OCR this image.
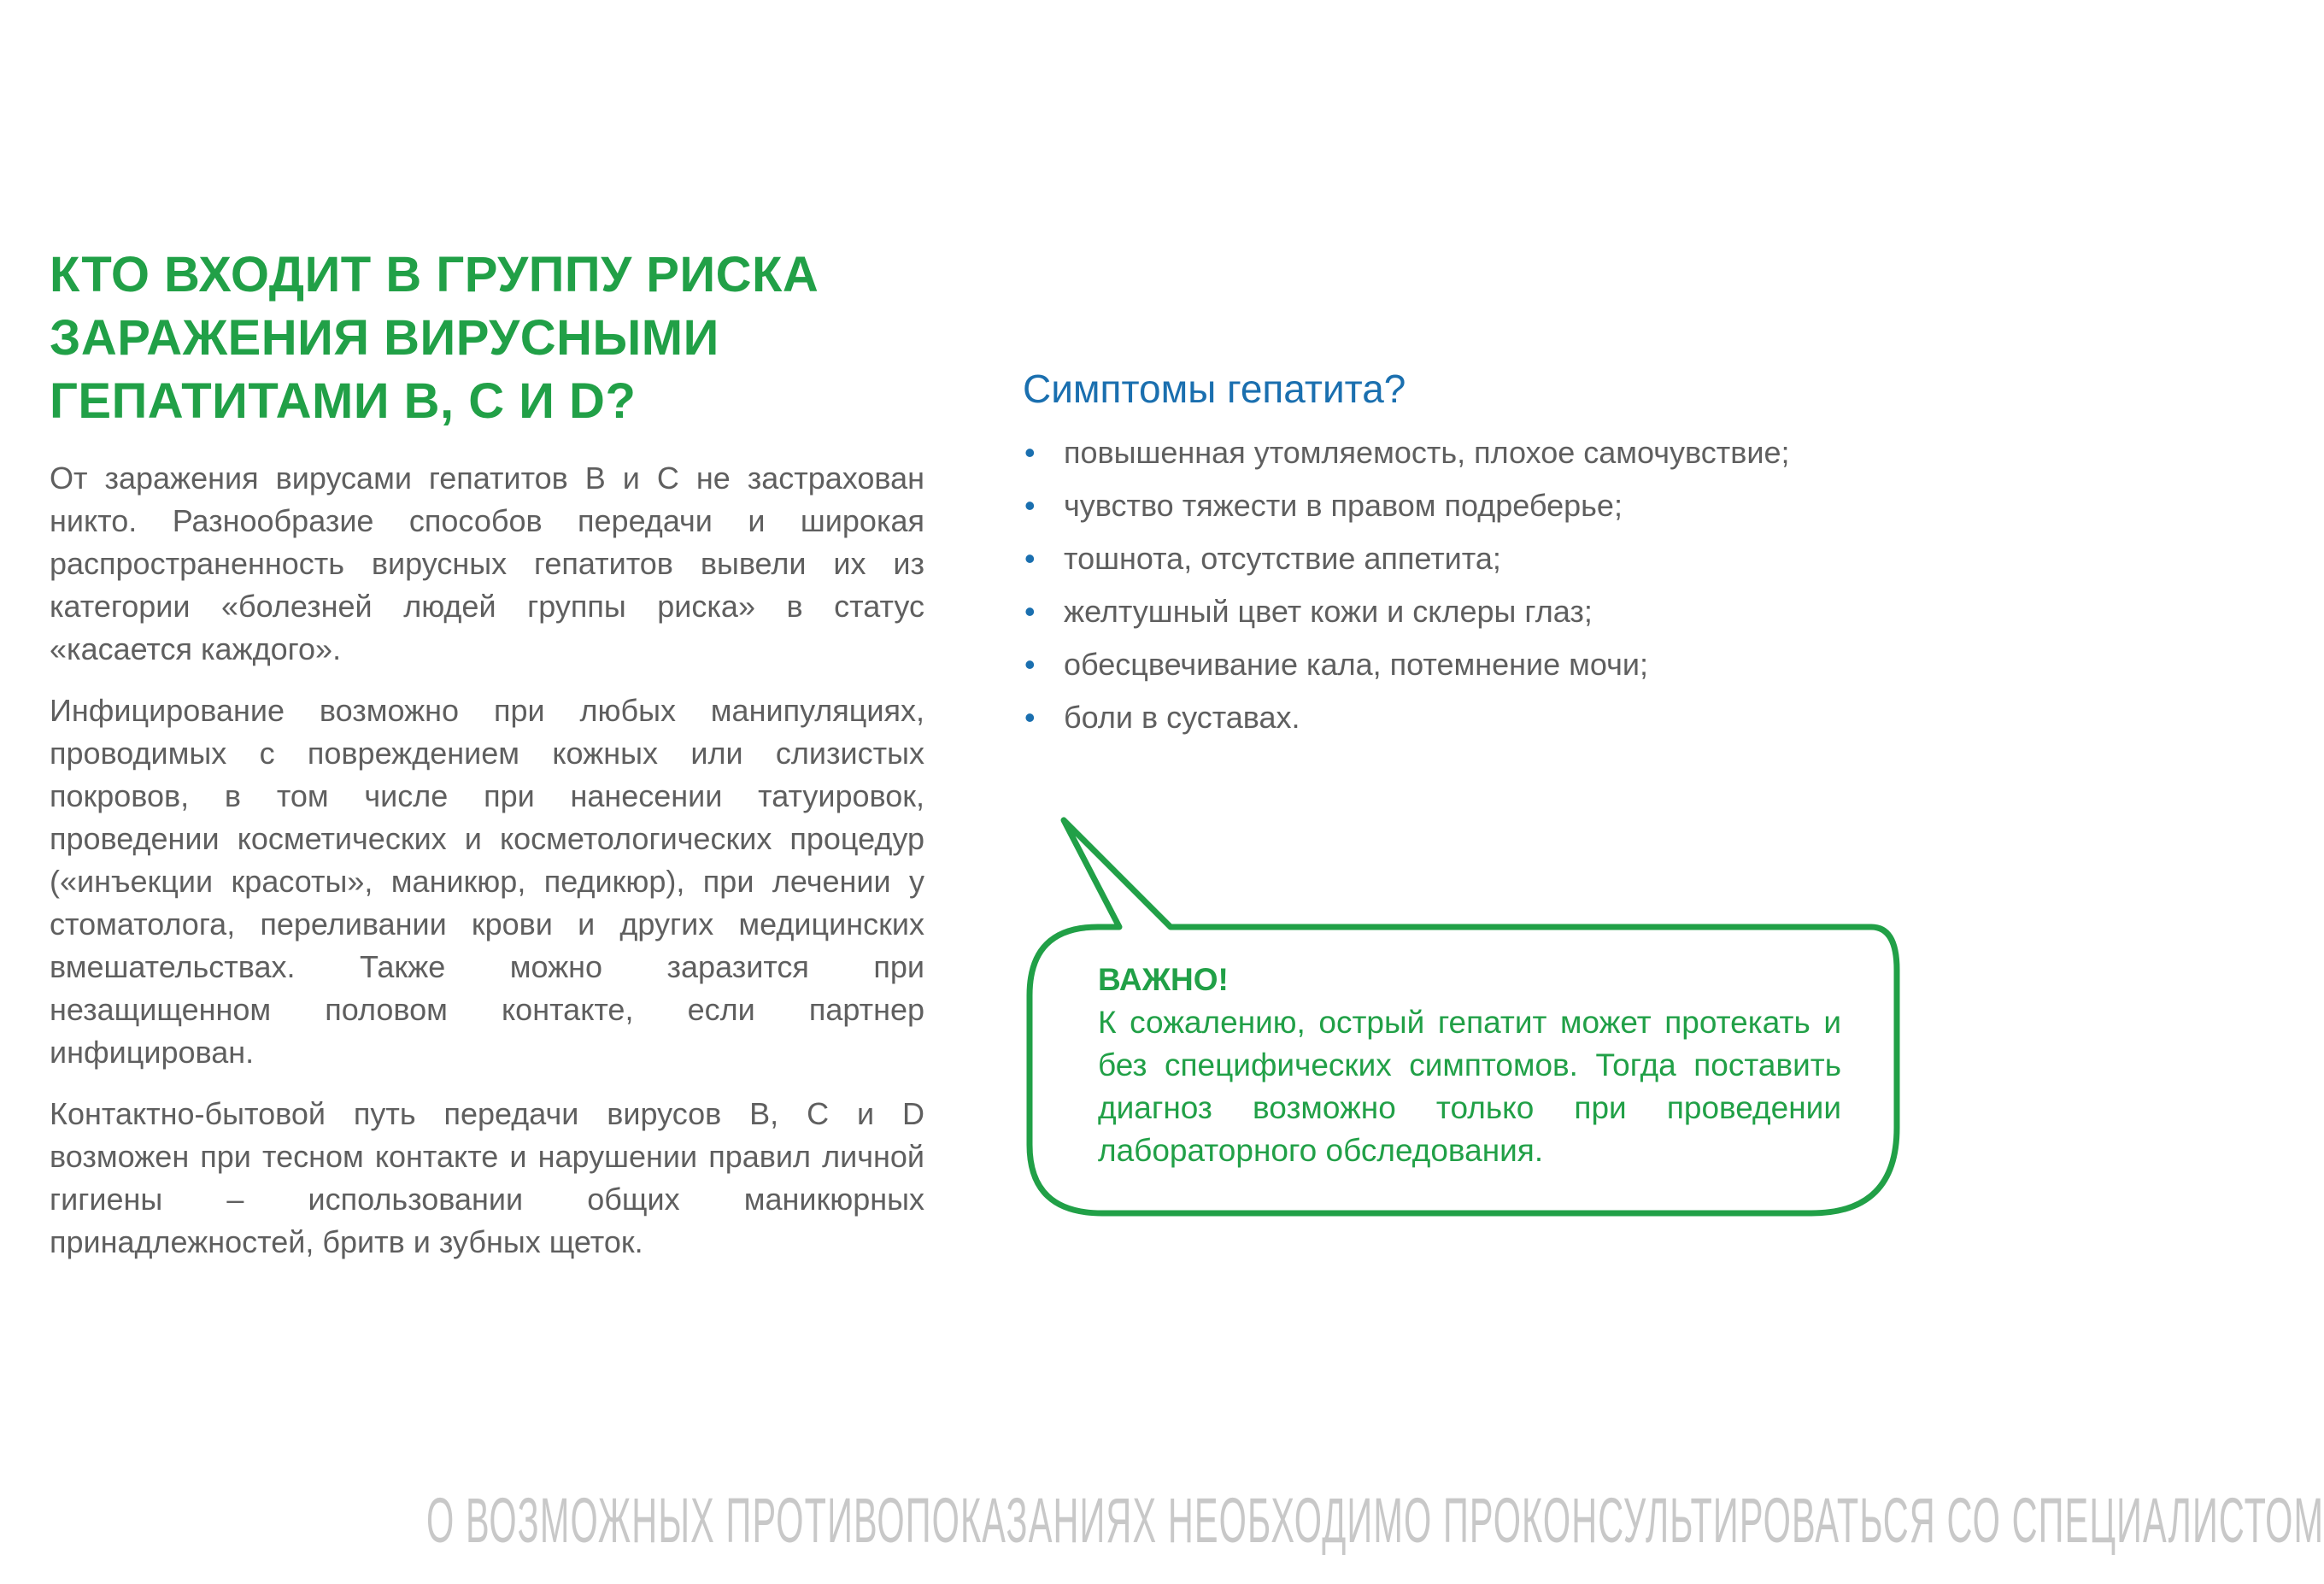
КТО ВХОДИТ В ГРУППУ РИСКА
ЗАРАЖЕНИЯ ВИРУСНЫМИ
ГЕПАТИТАМИ В, С И D?

От заражения вирусами гепатитов В и С не застрахован никто. Разнообразие способов передачи и широкая распространенность вирусных гепатитов вывели их из категории «болезней людей группы риска» в статус «касается каждого».

Инфицирование возможно при любых манипуляциях, проводимых с повреждением кожных или слизистых покровов, в том числе при нанесении татуировок, проведении косметических и косметологических процедур («инъекции красоты», маникюр, педикюр), при лечении у стоматолога, переливании крови и других медицинских вмешательствах. Также можно заразится при незащищенном половом контакте, если партнер инфицирован.

Контактно-бытовой путь передачи вирусов В, С и D возможен при тесном контакте и нарушении правил личной гигиены – использовании общих маникюрных принадлежностей, бритв и зубных щеток.

Симптомы гепатита?
• повышенная утомляемость, плохое самочувствие;
• чувство тяжести в правом подреберье;
• тошнота, отсутствие аппетита;
• желтушный цвет кожи и склеры глаз;
• обесцвечивание кала, потемнение мочи;
• боли в суставах.
ВАЖНО!
К сожалению, острый гепатит может протекать и без специфических симптомов. Тогда поставить диагноз возможно только при проведении лабораторного обследования.
О ВОЗМОЖНЫХ ПРОТИВОПОКАЗАНИЯХ НЕОБХОДИМО ПРОКОНСУЛЬТИРОВАТЬСЯ СО СПЕЦИАЛИСТОМ
